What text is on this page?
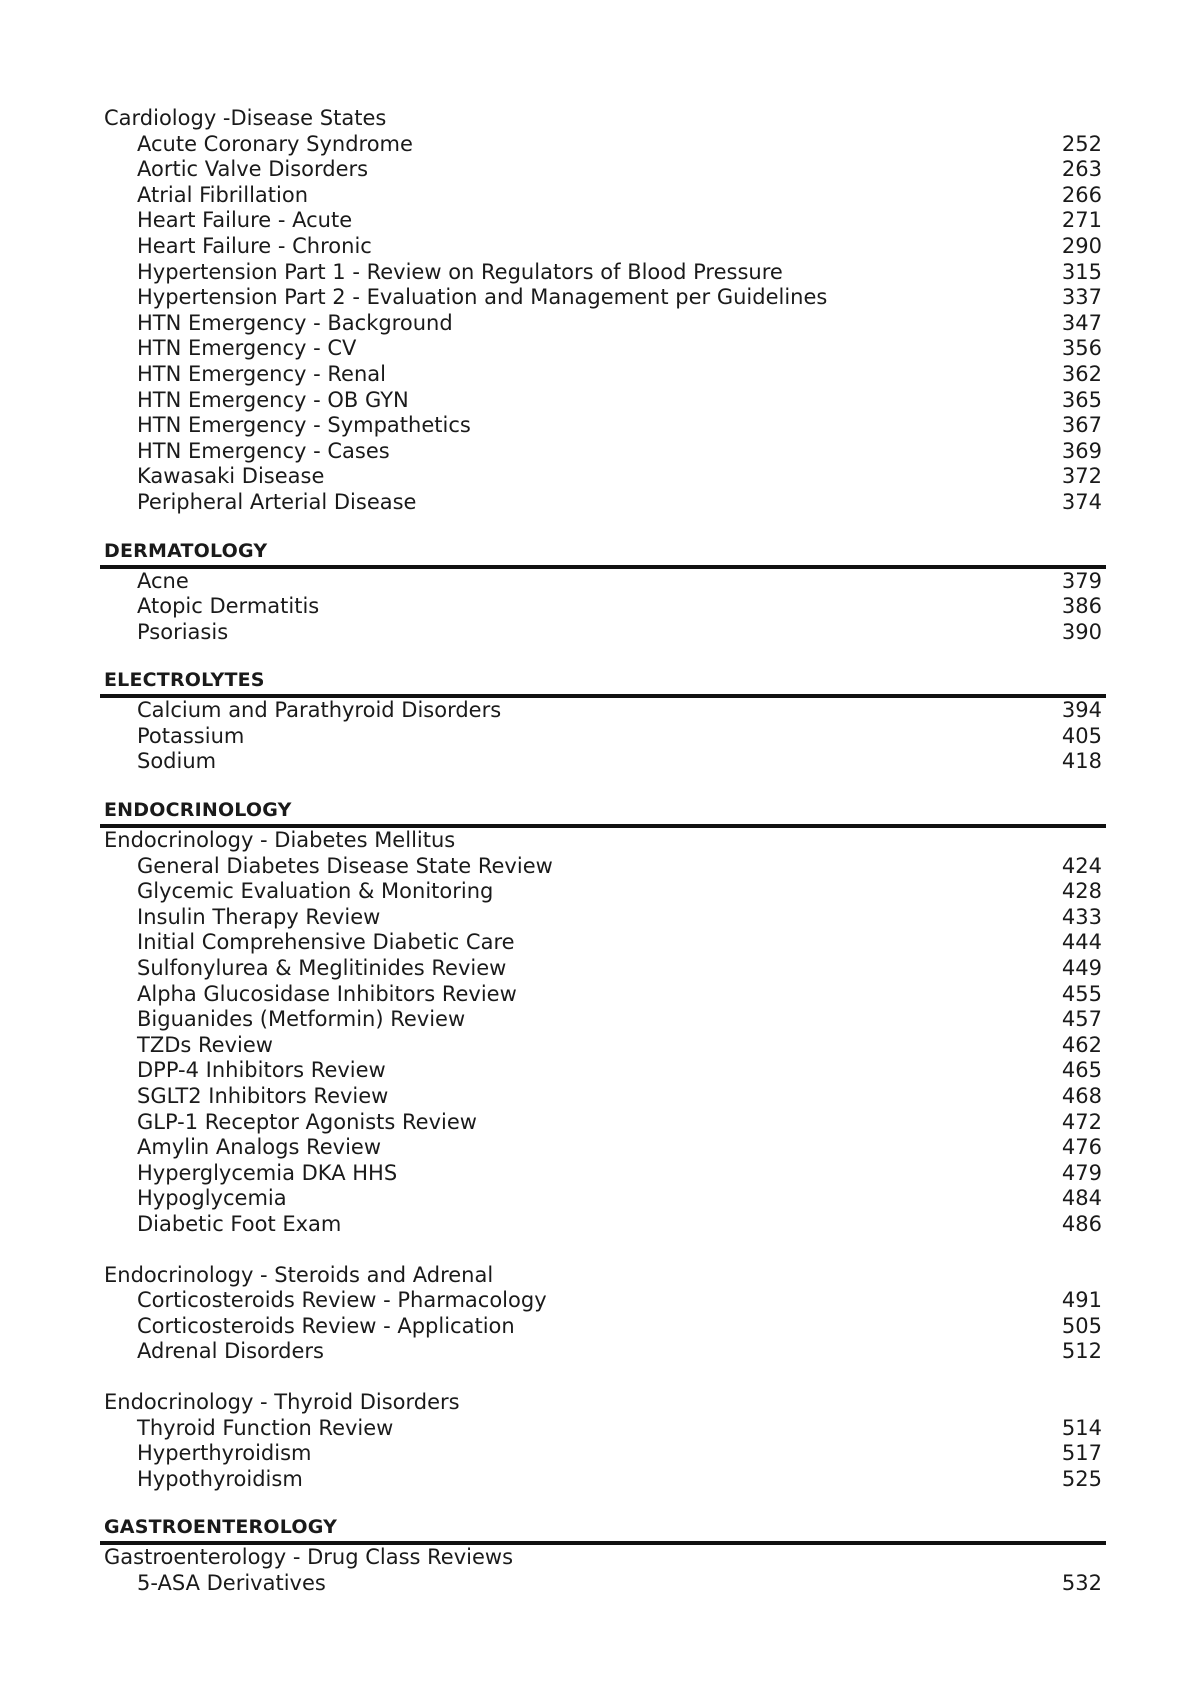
Cardiology -Disease States
Acute Coronary Syndrome	252
Aortic Valve Disorders	263
Atrial Fibrillation	266
Heart Failure - Acute	271
Heart Failure - Chronic	290
Hypertension Part 1 - Review on Regulators of Blood Pressure	315
Hypertension Part 2 - Evaluation and Management per Guidelines	337
HTN Emergency - Background	347
HTN Emergency - CV	356
HTN Emergency - Renal	362
HTN Emergency - OB GYN	365
HTN Emergency - Sympathetics	367
HTN Emergency - Cases	369
Kawasaki Disease	372
Peripheral Arterial Disease	374
DERMATOLOGY
Acne	379
Atopic Dermatitis	386
Psoriasis	390
ELECTROLYTES
Calcium and Parathyroid Disorders	394
Potassium	405
Sodium	418
ENDOCRINOLOGY
Endocrinology - Diabetes Mellitus
General Diabetes Disease State Review	424
Glycemic Evaluation & Monitoring	428
Insulin Therapy Review	433
Initial Comprehensive Diabetic Care	444
Sulfonylurea & Meglitinides Review	449
Alpha Glucosidase Inhibitors Review	455
Biguanides (Metformin) Review	457
TZDs Review	462
DPP-4 Inhibitors Review	465
SGLT2 Inhibitors Review	468
GLP-1 Receptor Agonists Review	472
Amylin Analogs Review	476
Hyperglycemia DKA HHS	479
Hypoglycemia	484
Diabetic Foot Exam	486
Endocrinology - Steroids and Adrenal
Corticosteroids Review - Pharmacology	491
Corticosteroids Review - Application	505
Adrenal Disorders	512
Endocrinology - Thyroid Disorders
Thyroid Function Review	514
Hyperthyroidism	517
Hypothyroidism	525
GASTROENTEROLOGY
Gastroenterology - Drug Class Reviews
5-ASA Derivatives	532
